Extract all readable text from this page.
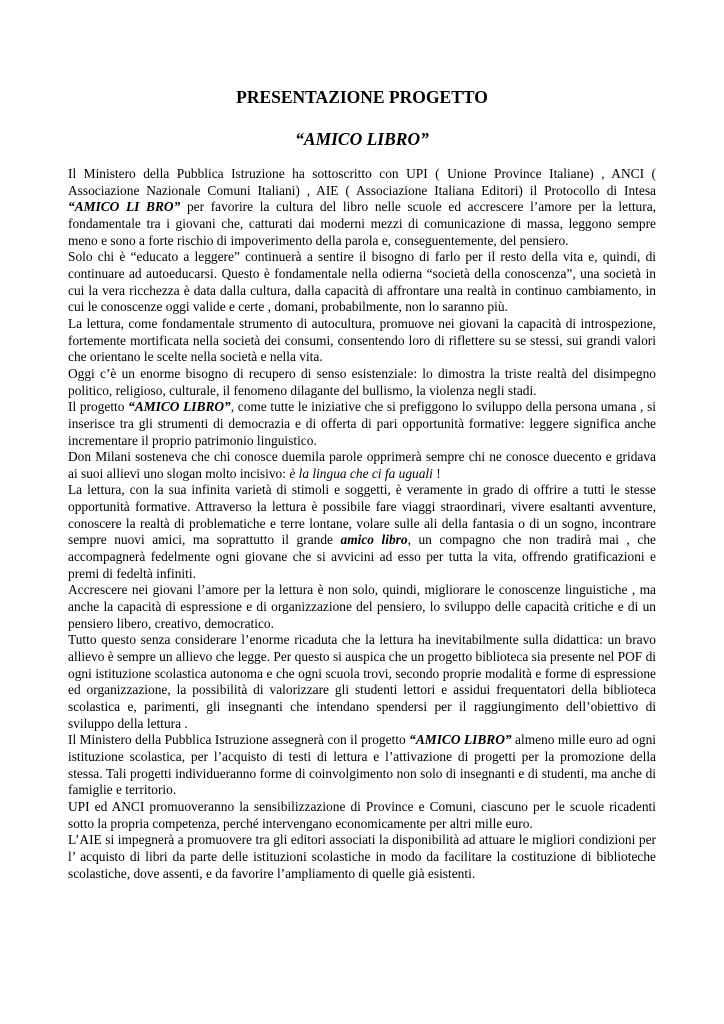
PRESENTAZIONE PROGETTO
“AMICO LIBRO”

Il Ministero della Pubblica Istruzione ha sottoscritto con UPI ( Unione Province Italiane) , ANCI ( Associazione Nazionale Comuni Italiani) , AIE ( Associazione Italiana Editori) il Protocollo di Intesa “AMICO LI BRO” per favorire la cultura del libro nelle scuole ed accrescere l’amore per la lettura, fondamentale tra i giovani che, catturati dai moderni mezzi di comunicazione di massa, leggono sempre meno e sono a forte rischio di impoverimento della parola e, conseguentemente, del pensiero.

Solo chi è “educato a leggere” continuerà a sentire il bisogno di farlo per il resto della vita e, quindi, di continuare ad autoeducarsi. Questo è fondamentale nella odierna “società della conoscenza”, una società in cui la vera ricchezza è data dalla cultura, dalla capacità di affrontare una realtà in continuo cambiamento, in cui le conoscenze oggi valide e certe , domani, probabilmente, non lo saranno più.

La lettura, come fondamentale strumento di autocultura, promuove nei giovani la capacità di introspezione, fortemente mortificata nella società dei consumi, consentendo loro di riflettere su se stessi, sui grandi valori che orientano le scelte nella società e nella vita.

Oggi c’è un enorme bisogno di recupero di senso esistenziale: lo dimostra la triste realtà del disimpegno politico, religioso, culturale, il fenomeno dilagante del bullismo, la violenza negli stadi.

Il progetto “AMICO LIBRO”, come tutte le iniziative che si prefiggono lo sviluppo della persona umana , si inserisce tra gli strumenti di democrazia e di offerta di pari opportunità formative: leggere significa anche incrementare il proprio patrimonio linguistico.

Don Milani sosteneva che chi conosce duemila parole opprimerà sempre chi ne conosce duecento e gridava ai suoi allievi uno slogan molto incisivo: è la lingua che ci fa uguali !

La lettura, con la sua infinita varietà di stimoli e soggetti, è veramente in grado di offrire a tutti le stesse opportunità formative. Attraverso la lettura è possibile fare viaggi straordinari, vivere esaltanti avventure, conoscere la realtà di problematiche e terre lontane, volare sulle ali della fantasia o di un sogno, incontrare sempre nuovi amici, ma soprattutto il grande amico libro, un compagno che non tradirà mai , che accompagnerà fedelmente ogni giovane che si avvicini ad esso per tutta la vita, offrendo gratificazioni e premi di fedeltà infiniti.

Accrescere nei giovani l’amore per la lettura è non solo, quindi, migliorare le conoscenze linguistiche , ma anche la capacità di espressione e di organizzazione del pensiero, lo sviluppo delle capacità critiche e di un pensiero libero, creativo, democratico.

Tutto questo senza considerare l’enorme ricaduta che la lettura ha inevitabilmente sulla didattica: un bravo allievo è sempre un allievo che legge. Per questo si auspica che un progetto biblioteca sia presente nel POF di ogni istituzione scolastica autonoma e che ogni scuola trovi, secondo proprie modalità e forme di espressione ed organizzazione, la possibilità di valorizzare gli studenti lettori e assidui frequentatori della biblioteca scolastica e, parimenti, gli insegnanti che intendano spendersi per il raggiungimento dell’obiettivo di sviluppo della lettura .

Il Ministero della Pubblica Istruzione assegnerà con il progetto “AMICO LIBRO” almeno mille euro ad ogni istituzione scolastica, per l’acquisto di testi di lettura e l’attivazione di progetti per la promozione della stessa. Tali progetti individueranno forme di coinvolgimento non solo di insegnanti e di studenti, ma anche di famiglie e territorio.

UPI ed ANCI promuoveranno la sensibilizzazione di Province e Comuni, ciascuno per le scuole ricadenti sotto la propria competenza, perché intervengano economicamente per altri mille euro.

L’AIE si impegnerà a promuovere tra gli editori associati la disponibilità ad attuare le migliori condizioni per l’ acquisto di libri da parte delle istituzioni scolastiche in modo da facilitare la costituzione di biblioteche scolastiche, dove assenti, e da favorire l’ampliamento di quelle già esistenti.
